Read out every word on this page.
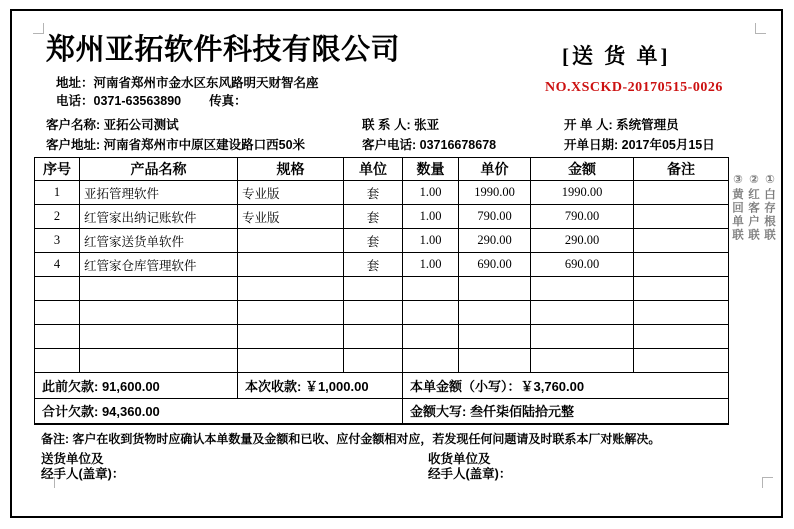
郑州亚拓软件科技有限公司	[送 货 单]
地址：河南省郑州市金水区东风路明天财智名座
电话：0371-63563890 传真：
NO.XSCKD-20170515-0026
客户名称: 亚拓公司测试	联 系 人: 张亚	开 单 人: 系统管理员
客户地址: 河南省郑州市中原区建设路口西50米	客户电话: 03716678678	开单日期: 2017年05月15日
序号	产品名称	规格	单位	数量	单价	金额	备注
1	亚拓管理软件	专业版	套	1.00	1990.00	1990.00	
2	红管家出纳记账软件	专业版	套	1.00	790.00	790.00	
3	红管家送货单软件		套	1.00	290.00	290.00	
4	红管家仓库管理软件		套	1.00	690.00	690.00	

此前欠款: 91,600.00		本次收款: ￥1,000.00		本单金额（小写）：￥3,760.00			
合计欠款: 94,360.00				金额大写: 叁仟柒佰陆拾元整			
备注: 客户在收到货物时应确认本单数量及金额和已收、应付金额相对应，若发现任何问题请及时联系本厂对账解决。
送货单位及
经手人(盖章)：
收货单位及
经手人(盖章)：
①白存根联
②红客户联
③黄回单联
